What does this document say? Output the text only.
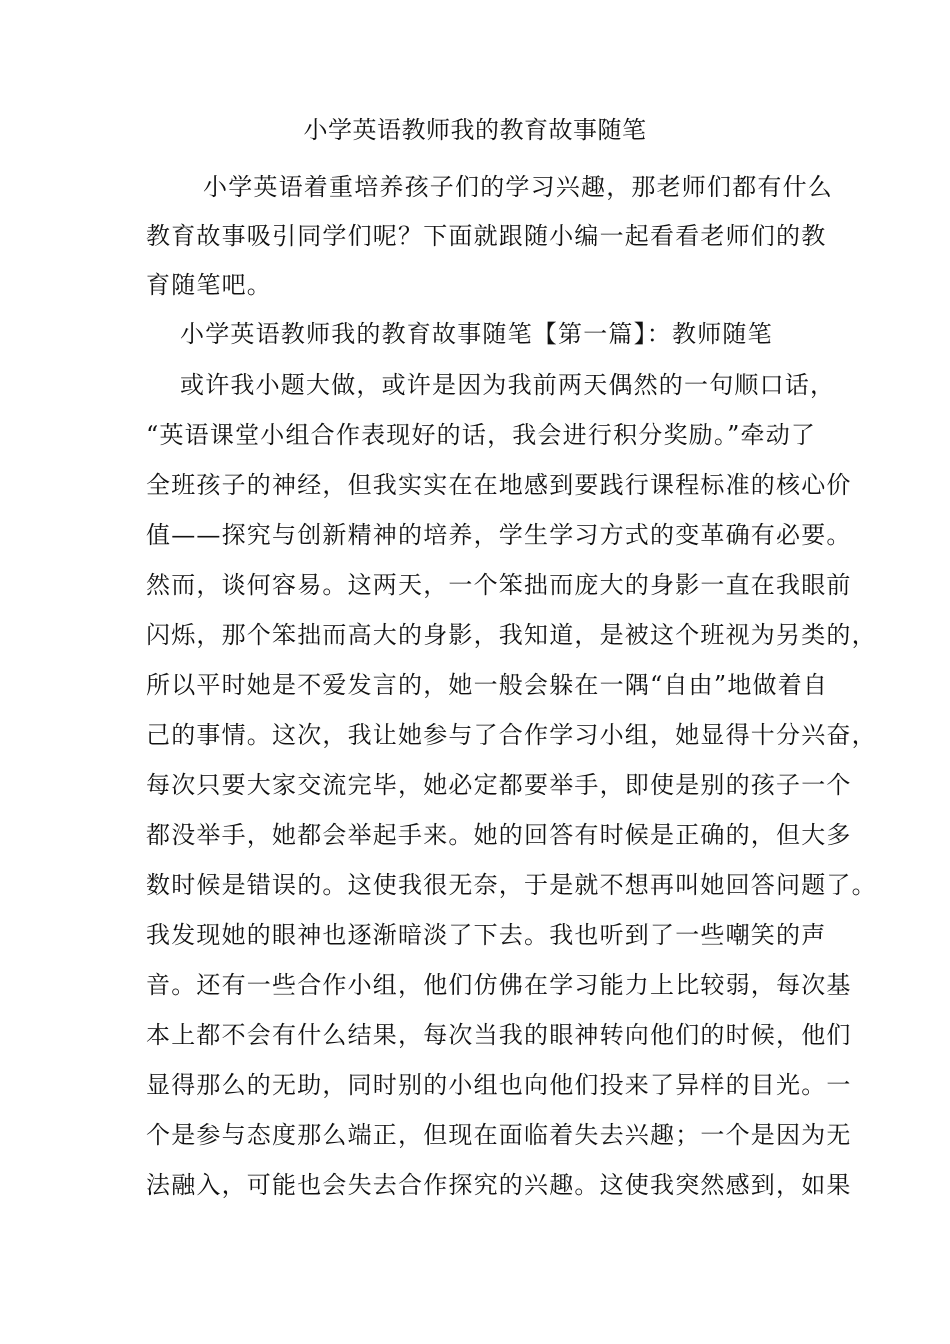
小学英语教师我的教育故事随笔
小学英语着重培养孩子们的学习兴趣，那老师们都有什么
教育故事吸引同学们呢？下面就跟随小编一起看看老师们的教
育随笔吧。
小学英语教师我的教育故事随笔【第一篇】：教师随笔
或许我小题大做，或许是因为我前两天偶然的一句顺口话，
“英语课堂小组合作表现好的话，我会进行积分奖励。”牵动了
全班孩子的神经，但我实实在在地感到要践行课程标准的核心价
值——探究与创新精神的培养，学生学习方式的变革确有必要。
然而，谈何容易。这两天，一个笨拙而庞大的身影一直在我眼前
闪烁，那个笨拙而高大的身影，我知道，是被这个班视为另类的，
所以平时她是不爱发言的，她一般会躲在一隅“自由”地做着自
己的事情。这次，我让她参与了合作学习小组，她显得十分兴奋，
每次只要大家交流完毕，她必定都要举手，即使是别的孩子一个
都没举手，她都会举起手来。她的回答有时候是正确的，但大多
数时候是错误的。这使我很无奈，于是就不想再叫她回答问题了。
我发现她的眼神也逐渐暗淡了下去。我也听到了一些嘲笑的声
音。还有一些合作小组，他们仿佛在学习能力上比较弱，每次基
本上都不会有什么结果，每次当我的眼神转向他们的时候，他们
显得那么的无助，同时别的小组也向他们投来了异样的目光。一
个是参与态度那么端正，但现在面临着失去兴趣；一个是因为无
法融入，可能也会失去合作探究的兴趣。这使我突然感到，如果
